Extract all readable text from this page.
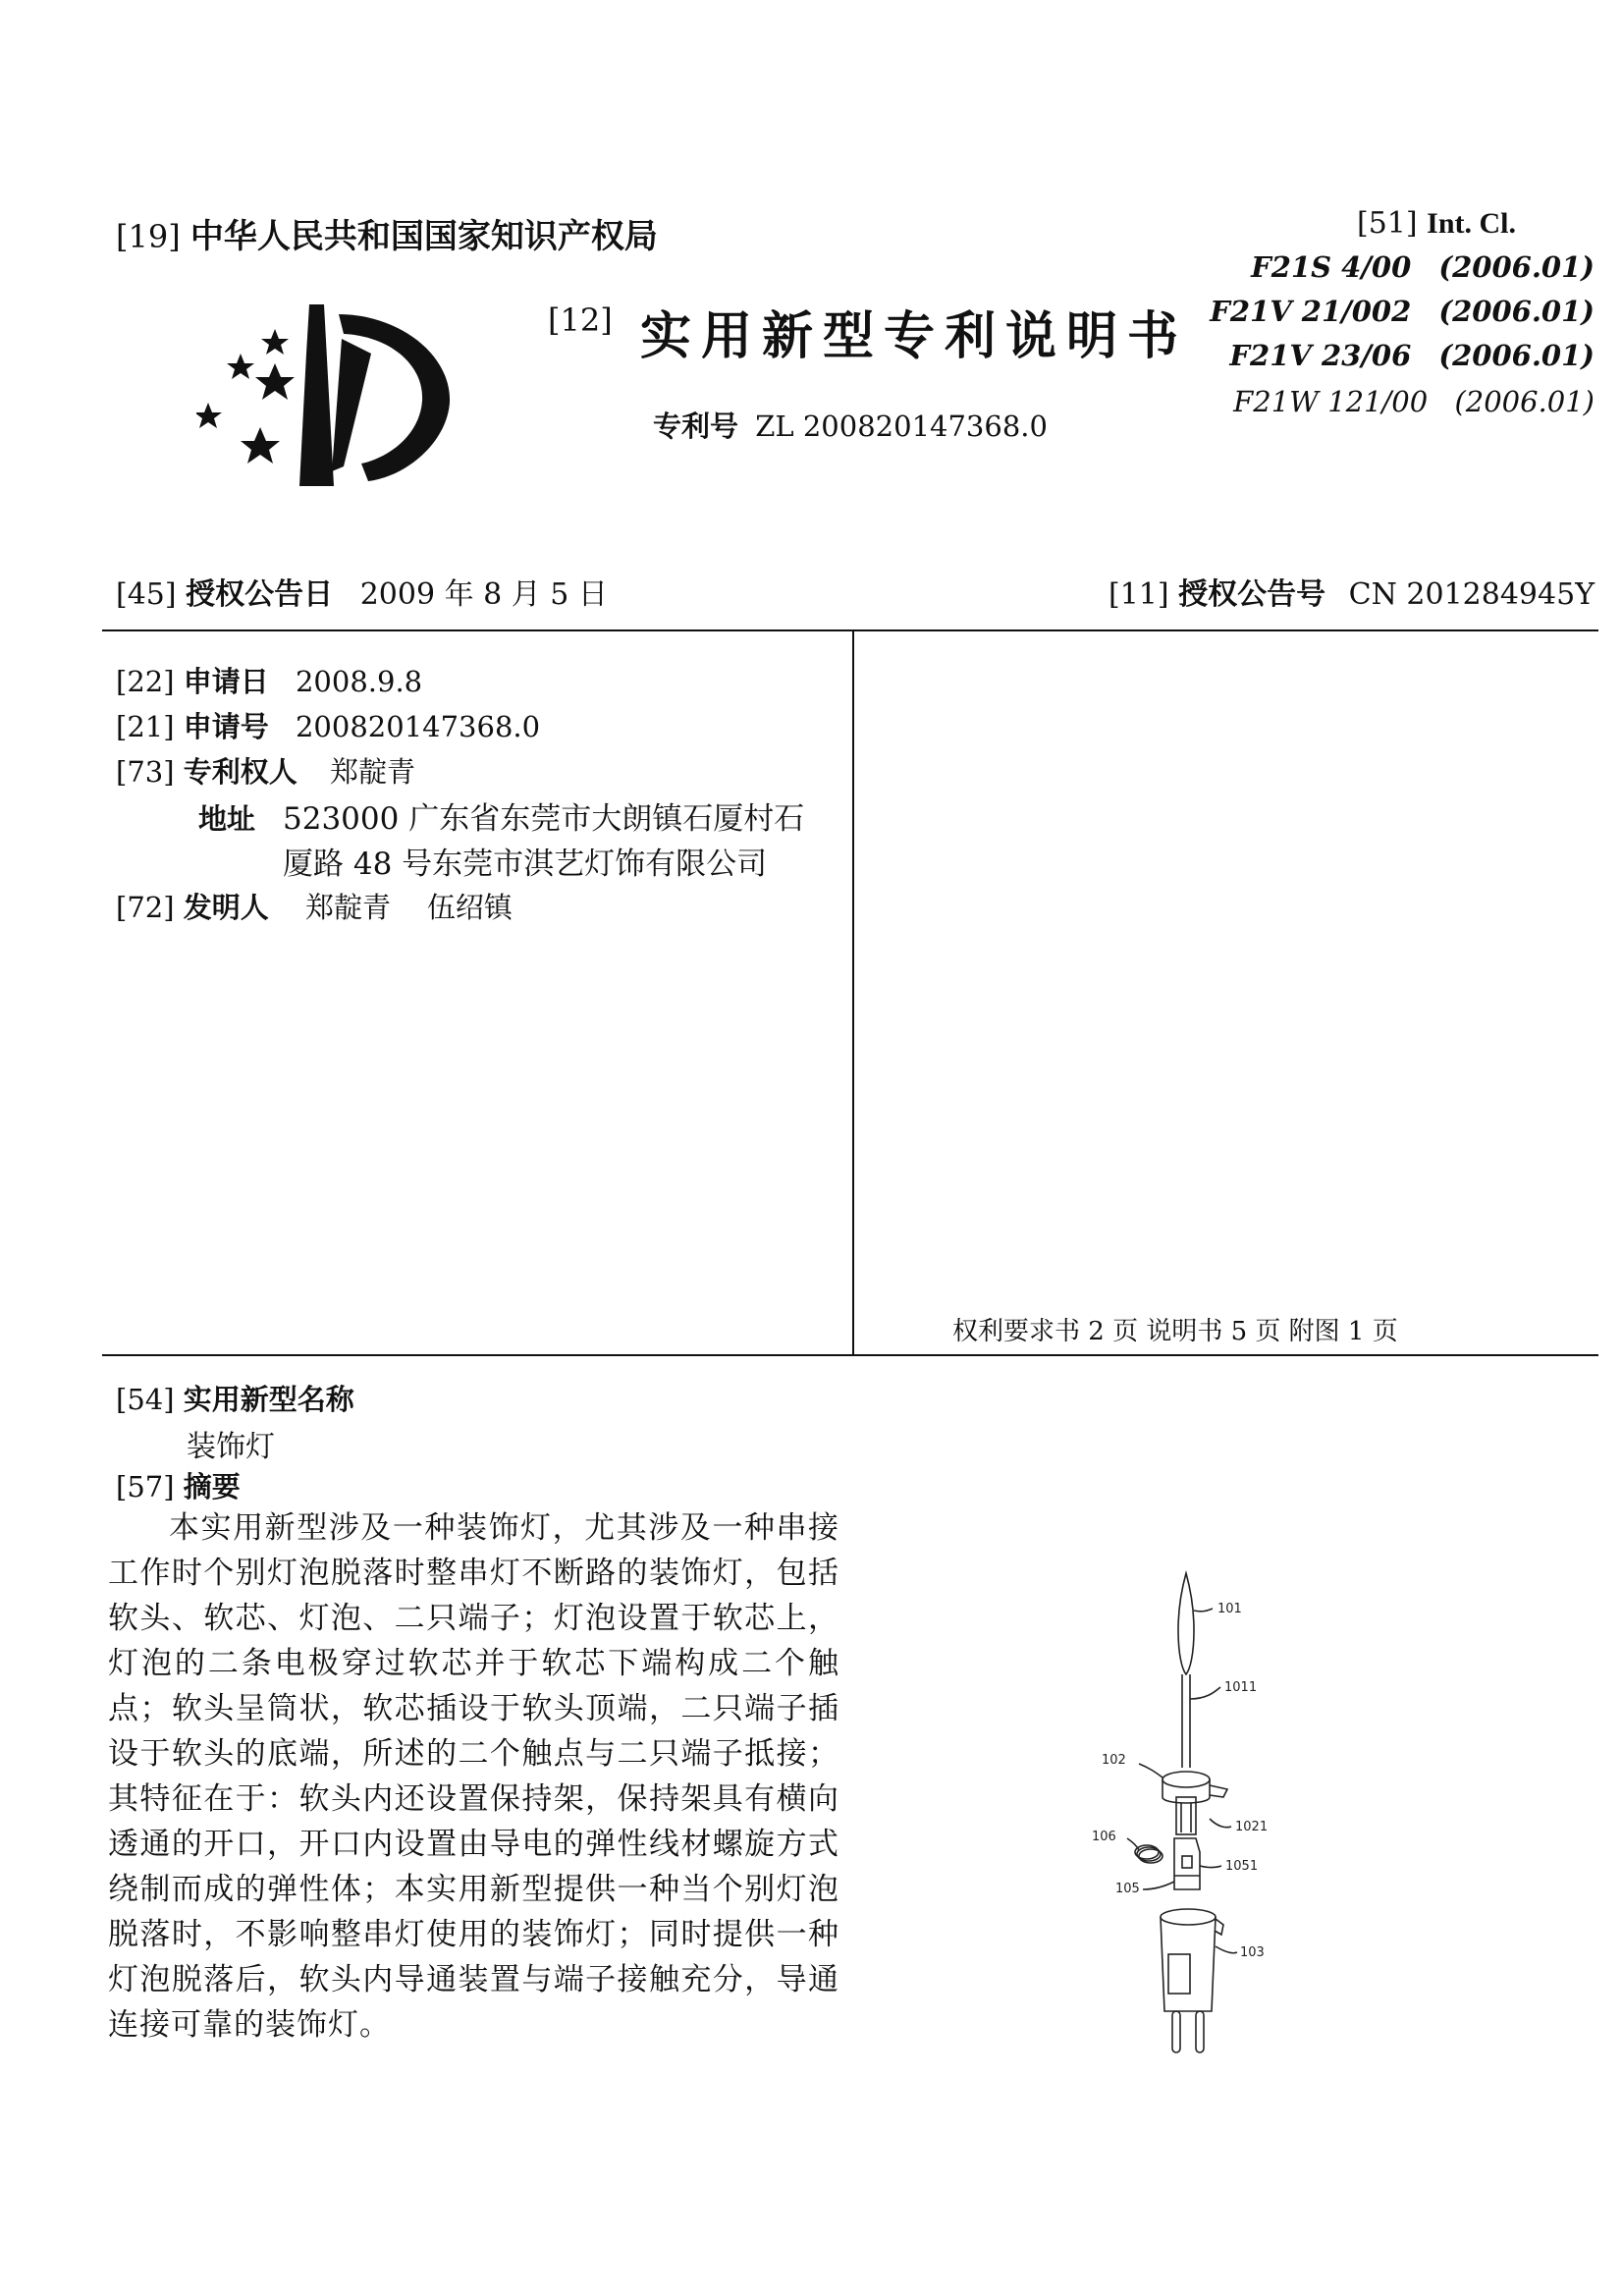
[19] 中华人民共和国国家知识产权局
[12] 实用新型专利说明书
专利号 ZL 200820147368.0
[51] Int. Cl.
F21S 4/00 (2006.01)
F21V 21/002 (2006.01)
F21V 23/06 (2006.01)
F21W 121/00 (2006.01)
[45] 授权公告日 2009 年 8 月 5 日	[11] 授权公告号 CN 201284945Y
[22] 申请日 2008.9.8
[21] 申请号 200820147368.0
[73] 专利权人 郑靛青
地址 523000 广东省东莞市大朗镇石厦村石
厦路 48 号东莞市淇艺灯饰有限公司
[72] 发明人 郑靛青    伍绍镇
权利要求书 2 页 说明书 5 页 附图 1 页
[54] 实用新型名称
装饰灯
[57] 摘要
本实用新型涉及一种装饰灯，尤其涉及一种串接工作时个别灯泡脱落时整串灯不断路的装饰灯，包括软头、软芯、灯泡、二只端子；灯泡设置于软芯上，灯泡的二条电极穿过软芯并于软芯下端构成二个触点；软头呈筒状，软芯插设于软头顶端，二只端子插设于软头的底端，所述的二个触点与二只端子抵接；其特征在于：软头内还设置保持架，保持架具有横向透通的开口，开口内设置由导电的弹性线材螺旋方式绕制而成的弹性体；本实用新型提供一种当个别灯泡脱落时，不影响整串灯使用的装饰灯；同时提供一种灯泡脱落后，软头内导通装置与端子接触充分，导通连接可靠的装饰灯。
101
1011
102
1021
106
1051
105
103
